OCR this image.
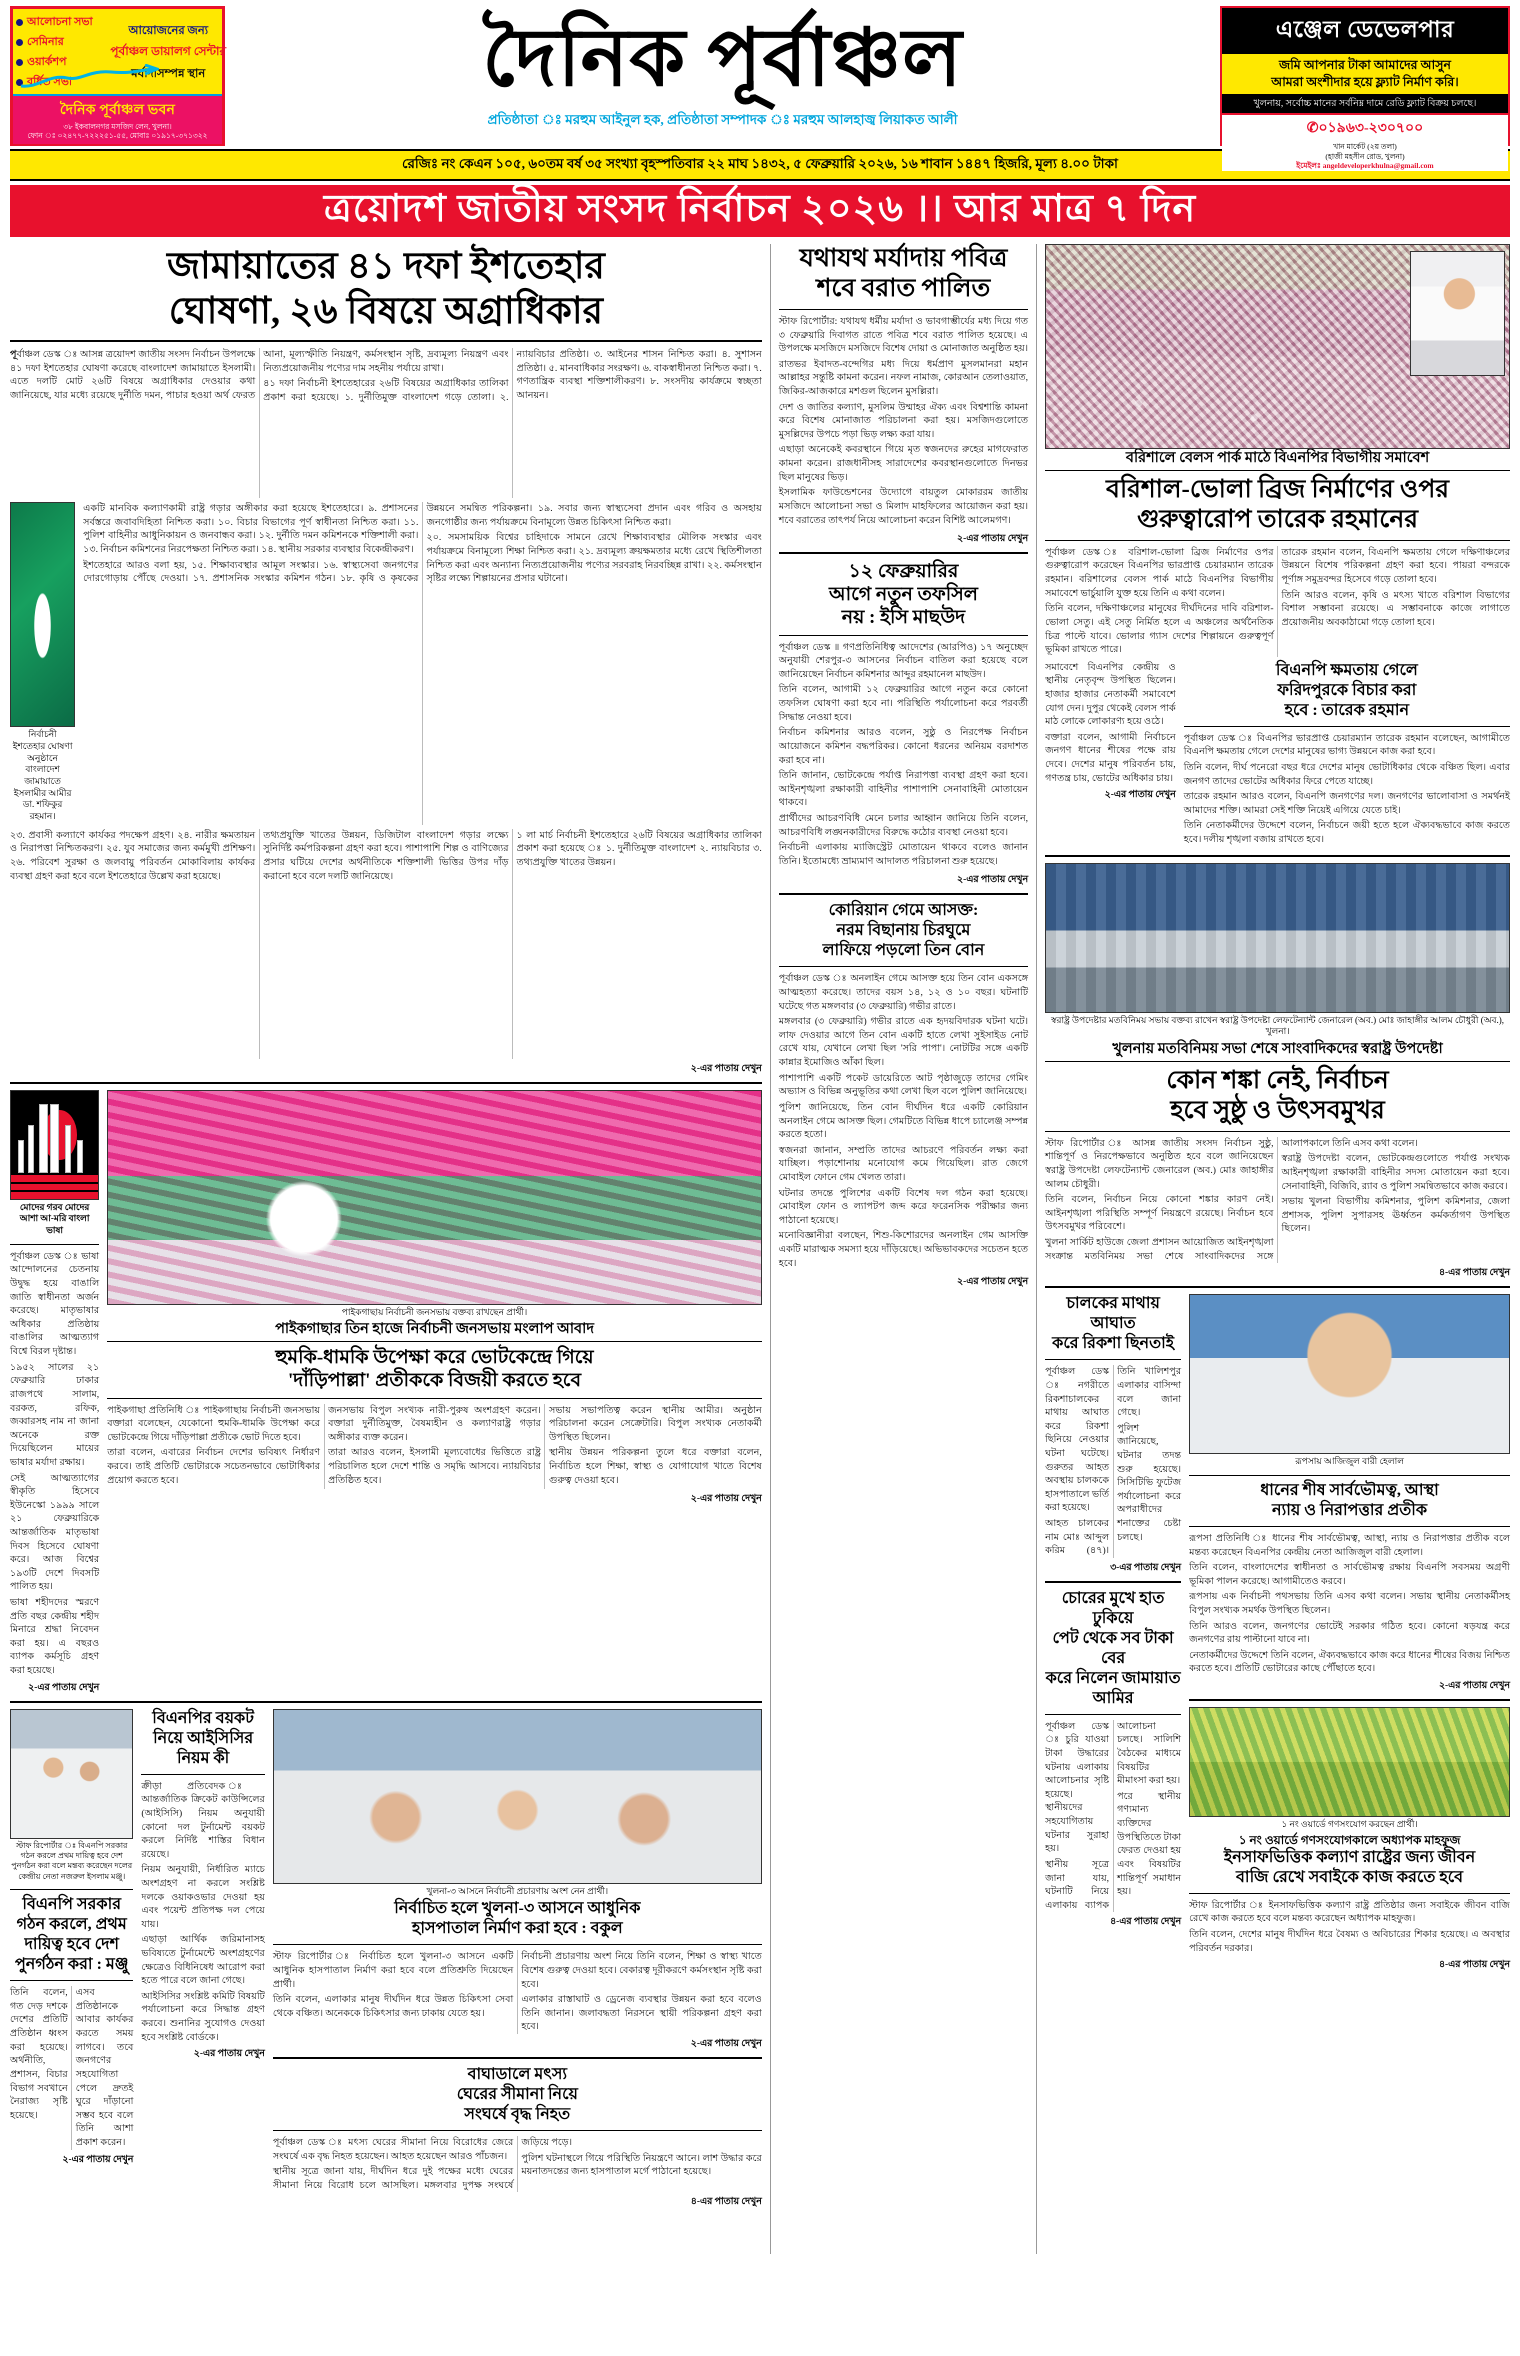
আলোচনা সভা
সেমিনার
ওয়ার্কশপ
বর্ধিত সভা
আয়োজনের জন্য
পূর্বাঞ্চল ডায়ালগ সেন্টার
মর্যাদাসম্পন্ন স্থান
দৈনিক পূর্বাঞ্চল ভবন
৩৮ ইকবালনগর মসজিদ লেন, খুলনা।
ফোন ঃ ০২৪৭৭-৭২২২৫১-৫৫, মোবাঃ ০১৯১৭-৩৭১৩২২
দৈনিক পূর্বাঞ্চল
প্রতিষ্ঠাতা ঃ মরহুম আইনুল হক, প্রতিষ্ঠাতা সম্পাদক ঃ মরহুম আলহাজ্ব লিয়াকত আলী
এঞ্জেল ডেভেলপার
জমি আপনার টাকা আমাদের আসুন
আমরা অংশীদার হয়ে ফ্ল্যাট নির্মাণ করি।
খুলনায়, সর্বোচ্চ মানের সর্বনিম্ন দামে রেডি ফ্ল্যাট বিক্রয় চলছে।
✆০১৯৬৩-২৩০৭০০
খান মার্কেট (২য় তলা)
(হাজী মহসীন রোড, খুলনা)
ইমেইলঃ angeldeveloperkhulna@gmail.com
রেজিঃ নং কেএন ১০৫, ৬০তম বর্ষ ৩৫ সংখ্যা বৃহস্পতিবার ২২ মাঘ ১৪৩২, ৫ ফেব্রুয়ারি ২০২৬, ১৬ শাবান ১৪৪৭ হিজরি, মূল্য ৪.০০ টাকা
ত্রয়োদশ জাতীয় সংসদ নির্বাচন ২০২৬ ।। আর মাত্র ৭ দিন
জামায়াতের ৪১ দফা ইশতেহার
ঘোষণা, ২৬ বিষয়ে অগ্রাধিকার

পূর্বাঞ্চল ডেস্ক ঃ আসন্ন ত্রয়োদশ জাতীয় সংসদ নির্বাচন উপলক্ষে ৪১ দফা ইশতেহার ঘোষণা করেছে বাংলাদেশ জামায়াতে ইসলামী। এতে দলটি মোট ২৬টি বিষয়ে অগ্রাধিকার দেওয়ার কথা জানিয়েছে, যার মধ্যে রয়েছে দুর্নীতি দমন, পাচার হওয়া অর্থ ফেরত আনা, মূল্যস্ফীতি নিয়ন্ত্রণ, কর্মসংস্থান সৃষ্টি, দ্রব্যমূল্য নিয়ন্ত্রণ এবং নিত্যপ্রয়োজনীয় পণ্যের দাম সহনীয় পর্যায়ে রাখা।

৪১ দফা নির্বাচনী ইশতেহারের ২৬টি বিষয়ের অগ্রাধিকার তালিকা প্রকাশ করা হয়েছে। ১. দুর্নীতিমুক্ত বাংলাদেশ গড়ে তোলা। ২. ন্যায়বিচার প্রতিষ্ঠা। ৩. আইনের শাসন নিশ্চিত করা। ৪. সুশাসন প্রতিষ্ঠা। ৫. মানবাধিকার সংরক্ষণ। ৬. বাকস্বাধীনতা নিশ্চিত করা। ৭. গণতান্ত্রিক ব্যবস্থা শক্তিশালীকরণ। ৮. সংসদীয় কার্যক্রমে স্বচ্ছতা আনয়ন।

নির্বাচনী ইশতেহার ঘোষণা অনুষ্ঠানে বাংলাদেশ জামায়াতে ইসলামীর আমীর ডা. শফিকুর রহমান।

একটি মানবিক কল্যাণকামী রাষ্ট্র গড়ার অঙ্গীকার করা হয়েছে ইশতেহারে। ৯. প্রশাসনের সর্বস্তরে জবাবদিহিতা নিশ্চিত করা। ১০. বিচার বিভাগের পূর্ণ স্বাধীনতা নিশ্চিত করা। ১১. পুলিশ বাহিনীর আধুনিকায়ন ও জনবান্ধব করা। ১২. দুর্নীতি দমন কমিশনকে শক্তিশালী করা। ১৩. নির্বাচন কমিশনের নিরপেক্ষতা নিশ্চিত করা। ১৪. স্থানীয় সরকার ব্যবস্থার বিকেন্দ্রীকরণ।

ইশতেহারে আরও বলা হয়, ১৫. শিক্ষাব্যবস্থার আমূল সংস্কার। ১৬. স্বাস্থ্যসেবা জনগণের দোরগোড়ায় পৌঁছে দেওয়া। ১৭. প্রশাসনিক সংস্কার কমিশন গঠন। ১৮. কৃষি ও কৃষকের উন্নয়নে সমন্বিত পরিকল্পনা। ১৯. সবার জন্য স্বাস্থ্যসেবা প্রদান এবং গরিব ও অসহায় জনগোষ্ঠীর জন্য পর্যায়ক্রমে বিনামূল্যে উন্নত চিকিৎসা নিশ্চিত করা।

২০. সমসাময়িক বিশ্বের চাহিদাকে সামনে রেখে শিক্ষাব্যবস্থার মৌলিক সংস্কার এবং পর্যায়ক্রমে বিনামূল্যে শিক্ষা নিশ্চিত করা। ২১. দ্রব্যমূল্য ক্রয়ক্ষমতার মধ্যে রেখে স্থিতিশীলতা নিশ্চিত করা এবং অন্যান্য নিত্যপ্রয়োজনীয় পণ্যের সরবরাহ নিরবচ্ছিন্ন রাখা। ২২. কর্মসংস্থান সৃষ্টির লক্ষ্যে শিল্পায়নের প্রসার ঘটানো।

২৩. প্রবাসী কল্যাণে কার্যকর পদক্ষেপ গ্রহণ। ২৪. নারীর ক্ষমতায়ন ও নিরাপত্তা নিশ্চিতকরণ। ২৫. যুব সমাজের জন্য কর্মমুখী প্রশিক্ষণ। ২৬. পরিবেশ সুরক্ষা ও জলবায়ু পরিবর্তন মোকাবিলায় কার্যকর ব্যবস্থা গ্রহণ করা হবে বলে ইশতেহারে উল্লেখ করা হয়েছে।

তথ্যপ্রযুক্তি খাতের উন্নয়ন, ডিজিটাল বাংলাদেশ গড়ার লক্ষ্যে সুনির্দিষ্ট কর্মপরিকল্পনা গ্রহণ করা হবে। পাশাপাশি শিল্প ও বাণিজ্যের প্রসার ঘটিয়ে দেশের অর্থনীতিকে শক্তিশালী ভিত্তির উপর দাঁড় করানো হবে বলে দলটি জানিয়েছে।

১ লা মার্চ নির্বাচনী ইশতেহারে ২৬টি বিষয়ের অগ্রাধিকার তালিকা প্রকাশ করা হয়েছে ঃ ১. দুর্নীতিমুক্ত বাংলাদেশ ২. ন্যায়বিচার ৩. তথ্যপ্রযুক্তি খাতের উন্নয়ন।

২-এর পাতায় দেখুন
মোদের গরব মোদের আশা আ-মরি বাংলা ভাষা

পূর্বাঞ্চল ডেস্ক ঃ ভাষা আন্দোলনের চেতনায় উদ্বুদ্ধ হয়ে বাঙালি জাতি স্বাধীনতা অর্জন করেছে। মাতৃভাষার অধিকার প্রতিষ্ঠায় বাঙালির আত্মত্যাগ বিশ্বে বিরল দৃষ্টান্ত।

১৯৫২ সালের ২১ ফেব্রুয়ারি ঢাকার রাজপথে সালাম, বরকত, রফিক, জব্বারসহ নাম না জানা অনেকে রক্ত দিয়েছিলেন মায়ের ভাষার মর্যাদা রক্ষায়।

সেই আত্মত্যাগের স্বীকৃতি হিসেবে ইউনেস্কো ১৯৯৯ সালে ২১ ফেব্রুয়ারিকে আন্তর্জাতিক মাতৃভাষা দিবস হিসেবে ঘোষণা করে। আজ বিশ্বের ১৯৩টি দেশে দিবসটি পালিত হয়।

ভাষা শহীদদের স্মরণে প্রতি বছর কেন্দ্রীয় শহীদ মিনারে শ্রদ্ধা নিবেদন করা হয়। এ বছরও ব্যাপক কর্মসূচি গ্রহণ করা হয়েছে।

২-এর পাতায় দেখুন
পাইকগাছায় নির্বাচনী জনসভায় বক্তব্য রাখছেন প্রার্থী।
পাইকগাছার তিন হাজে নির্বাচনী জনসভায় মংলাপ আবাদ
হুমকি-ধামকি উপেক্ষা করে ভোটকেন্দ্রে গিয়ে
'দাঁড়িপাল্লা' প্রতীককে বিজয়ী করতে হবে

পাইকগাছা প্রতিনিধি ঃ পাইকগাছায় নির্বাচনী জনসভায় বক্তারা বলেছেন, যেকোনো হুমকি-ধামকি উপেক্ষা করে ভোটকেন্দ্রে গিয়ে দাঁড়িপাল্লা প্রতীকে ভোট দিতে হবে।

তারা বলেন, এবারের নির্বাচন দেশের ভবিষ্যৎ নির্ধারণ করবে। তাই প্রতিটি ভোটারকে সচেতনভাবে ভোটাধিকার প্রয়োগ করতে হবে।

জনসভায় বিপুল সংখ্যক নারী-পুরুষ অংশগ্রহণ করেন। বক্তারা দুর্নীতিমুক্ত, বৈষম্যহীন ও কল্যাণরাষ্ট্র গড়ার অঙ্গীকার ব্যক্ত করেন।

তারা আরও বলেন, ইসলামী মূল্যবোধের ভিত্তিতে রাষ্ট্র পরিচালিত হলে দেশে শান্তি ও সমৃদ্ধি আসবে। ন্যায়বিচার প্রতিষ্ঠিত হবে।

সভায় সভাপতিত্ব করেন স্থানীয় আমীর। অনুষ্ঠান পরিচালনা করেন সেক্রেটারি। বিপুল সংখ্যক নেতাকর্মী উপস্থিত ছিলেন।

স্থানীয় উন্নয়ন পরিকল্পনা তুলে ধরে বক্তারা বলেন, নির্বাচিত হলে শিক্ষা, স্বাস্থ্য ও যোগাযোগ খাতে বিশেষ গুরুত্ব দেওয়া হবে।

২-এর পাতায় দেখুন
স্টাফ রিপোর্টার ঃ বিএনপি সরকার গঠন করলে প্রথম দায়িত্ব হবে দেশ পুনর্গঠন করা বলে মন্তব্য করেছেন দলের কেন্দ্রীয় নেতা নজরুল ইসলাম মঞ্জু।
বিএনপি সরকার গঠন করলে, প্রথম
দায়িত্ব হবে দেশ পুনর্গঠন করা : মঞ্জু

তিনি বলেন, গত দেড় দশকে দেশের প্রতিটি প্রতিষ্ঠান ধ্বংস করা হয়েছে। অর্থনীতি, প্রশাসন, বিচার বিভাগ সবখানে নৈরাজ্য সৃষ্টি হয়েছে।

এসব প্রতিষ্ঠানকে আবার কার্যকর করতে সময় লাগবে। তবে জনগণের সহযোগিতা পেলে দ্রুতই ঘুরে দাঁড়ানো সম্ভব হবে বলে তিনি আশা প্রকাশ করেন।

২-এর পাতায় দেখুন
বিএনপির বয়কট
নিয়ে আইসিসির
নিয়ম কী

ক্রীড়া প্রতিবেদক ঃ আন্তর্জাতিক ক্রিকেট কাউন্সিলের (আইসিসি) নিয়ম অনুযায়ী কোনো দল টুর্নামেন্ট বয়কট করলে নির্দিষ্ট শাস্তির বিধান রয়েছে।

নিয়ম অনুযায়ী, নির্ধারিত ম্যাচে অংশগ্রহণ না করলে সংশ্লিষ্ট দলকে ওয়াকওভার দেওয়া হয় এবং পয়েন্ট প্রতিপক্ষ দল পেয়ে যায়।

এছাড়া আর্থিক জরিমানাসহ ভবিষ্যতে টুর্নামেন্টে অংশগ্রহণের ক্ষেত্রেও বিধিনিষেধ আরোপ করা হতে পারে বলে জানা গেছে।

আইসিসির সংশ্লিষ্ট কমিটি বিষয়টি পর্যালোচনা করে সিদ্ধান্ত গ্রহণ করবে। শুনানির সুযোগও দেওয়া হবে সংশ্লিষ্ট বোর্ডকে।

২-এর পাতায় দেখুন
খুলনা-৩ আসনে নির্বাচনী প্রচারণায় অংশ নেন প্রার্থী।
নির্বাচিত হলে খুলনা-৩ আসনে আধুনিক
হাসপাতাল নির্মাণ করা হবে : বকুল

স্টাফ রিপোর্টার ঃ নির্বাচিত হলে খুলনা-৩ আসনে একটি আধুনিক হাসপাতাল নির্মাণ করা হবে বলে প্রতিশ্রুতি দিয়েছেন প্রার্থী।

তিনি বলেন, এলাকার মানুষ দীর্ঘদিন ধরে উন্নত চিকিৎসা সেবা থেকে বঞ্চিত। অনেককে চিকিৎসার জন্য ঢাকায় যেতে হয়।

নির্বাচনী প্রচারণায় অংশ নিয়ে তিনি বলেন, শিক্ষা ও স্বাস্থ্য খাতে বিশেষ গুরুত্ব দেওয়া হবে। বেকারত্ব দূরীকরণে কর্মসংস্থান সৃষ্টি করা হবে।

এলাকার রাস্তাঘাট ও ড্রেনেজ ব্যবস্থার উন্নয়ন করা হবে বলেও তিনি জানান। জলাবদ্ধতা নিরসনে স্থায়ী পরিকল্পনা গ্রহণ করা হবে।

২-এর পাতায় দেখুন
বাঘাডালে মৎস্য
ঘেরের সীমানা নিয়ে
সংঘর্ষে বৃদ্ধ নিহত

পূর্বাঞ্চল ডেস্ক ঃ মৎস্য ঘেরের সীমানা নিয়ে বিরোধের জেরে সংঘর্ষে এক বৃদ্ধ নিহত হয়েছেন। আহত হয়েছেন আরও পাঁচজন।

স্থানীয় সূত্রে জানা যায়, দীর্ঘদিন ধরে দুই পক্ষের মধ্যে ঘেরের সীমানা নিয়ে বিরোধ চলে আসছিল। মঙ্গলবার দুপক্ষ সংঘর্ষে জড়িয়ে পড়ে।

পুলিশ ঘটনাস্থলে গিয়ে পরিস্থিতি নিয়ন্ত্রণে আনে। লাশ উদ্ধার করে ময়নাতদন্তের জন্য হাসপাতাল মর্গে পাঠানো হয়েছে।

৪-এর পাতায় দেখুন
যথাযথ মর্যাদায় পবিত্র শবে বরাত পালিত

স্টাফ রিপোর্টার: যথাযথ ধর্মীয় মর্যাদা ও ভাবগাম্ভীর্যের মধ্য দিয়ে গত ৩ ফেব্রুয়ারি দিবাগত রাতে পবিত্র শবে বরাত পালিত হয়েছে। এ উপলক্ষে মসজিদে মসজিদে বিশেষ দোয়া ও মোনাজাত অনুষ্ঠিত হয়।

রাতভর ইবাদত-বন্দেগির মধ্য দিয়ে ধর্মপ্রাণ মুসলমানরা মহান আল্লাহর সন্তুষ্টি কামনা করেন। নফল নামাজ, কোরআন তেলাওয়াত, জিকির-আজকারে মশগুল ছিলেন মুসল্লিরা।

দেশ ও জাতির কল্যাণ, মুসলিম উম্মাহর ঐক্য এবং বিশ্বশান্তি কামনা করে বিশেষ মোনাজাত পরিচালনা করা হয়। মসজিদগুলোতে মুসল্লিদের উপচে পড়া ভিড় লক্ষ্য করা যায়।

এছাড়া অনেকেই কবরস্থানে গিয়ে মৃত স্বজনদের রুহের মাগফেরাত কামনা করেন। রাজধানীসহ সারাদেশের কবরস্থানগুলোতে দিনভর ছিল মানুষের ভিড়।

ইসলামিক ফাউন্ডেশনের উদ্যোগে বায়তুল মোকাররম জাতীয় মসজিদে আলোচনা সভা ও মিলাদ মাহফিলের আয়োজন করা হয়। শবে বরাতের তাৎপর্য নিয়ে আলোচনা করেন বিশিষ্ট আলেমগণ।

২-এর পাতায় দেখুন
১২ ফেব্রুয়ারির
আগে নতুন তফসিল
নয় : ইসি মাছউদ

পূর্বাঞ্চল ডেস্ক ॥ গণপ্রতিনিধিত্ব আদেশের (আরপিও) ১৭ অনুচ্ছেদ অনুযায়ী শেরপুর-৩ আসনের নির্বাচন বাতিল করা হয়েছে বলে জানিয়েছেন নির্বাচন কমিশনার আব্দুর রহমানেল মাছউদ।

তিনি বলেন, আগামী ১২ ফেব্রুয়ারির আগে নতুন করে কোনো তফসিল ঘোষণা করা হবে না। পরিস্থিতি পর্যালোচনা করে পরবর্তী সিদ্ধান্ত নেওয়া হবে।

নির্বাচন কমিশনার আরও বলেন, সুষ্ঠু ও নিরপেক্ষ নির্বাচন আয়োজনে কমিশন বদ্ধপরিকর। কোনো ধরনের অনিয়ম বরদাশত করা হবে না।

তিনি জানান, ভোটকেন্দ্রে পর্যাপ্ত নিরাপত্তা ব্যবস্থা গ্রহণ করা হবে। আইনশৃঙ্খলা রক্ষাকারী বাহিনীর পাশাপাশি সেনাবাহিনী মোতায়েন থাকবে।

প্রার্থীদের আচরণবিধি মেনে চলার আহ্বান জানিয়ে তিনি বলেন, আচরণবিধি লঙ্ঘনকারীদের বিরুদ্ধে কঠোর ব্যবস্থা নেওয়া হবে।

নির্বাচনী এলাকায় ম্যাজিস্ট্রেট মোতায়েন থাকবে বলেও জানান তিনি। ইতোমধ্যে ভ্রাম্যমাণ আদালত পরিচালনা শুরু হয়েছে।

২-এর পাতায় দেখুন
কোরিয়ান গেমে আসক্ত:
নরম বিছানায় চিরঘুমে
লাফিয়ে পড়লো তিন বোন

পূর্বাঞ্চল ডেস্ক ঃ অনলাইন গেমে আসক্ত হয়ে তিন বোন একসঙ্গে আত্মহত্যা করেছে। তাদের বয়স ১৪, ১২ ও ১০ বছর। ঘটনাটি ঘটেছে গত মঙ্গলবার (৩ ফেব্রুয়ারি) গভীর রাতে।

মঙ্গলবার (৩ ফেব্রুয়ারি) গভীর রাতে এক হৃদয়বিদারক ঘটনা ঘটে। লাফ দেওয়ার আগে তিন বোন একটি হাতে লেখা সুইসাইড নোট রেখে যায়, যেখানে লেখা ছিল 'সরি পাপা'। নোটটির সঙ্গে একটি কান্নার ইমোজিও আঁকা ছিল।

পাশাপাশি একটি পকেট ডায়েরিতে আট পৃষ্ঠাজুড়ে তাদের গেমিং অভ্যাস ও বিভিন্ন অনুভূতির কথা লেখা ছিল বলে পুলিশ জানিয়েছে।

পুলিশ জানিয়েছে, তিন বোন দীর্ঘদিন ধরে একটি কোরিয়ান অনলাইন গেমে আসক্ত ছিল। গেমটিতে বিভিন্ন ধাপে চ্যালেঞ্জ সম্পন্ন করতে হতো।

স্বজনরা জানান, সম্প্রতি তাদের আচরণে পরিবর্তন লক্ষ্য করা যাচ্ছিল। পড়াশোনায় মনোযোগ কমে গিয়েছিল। রাত জেগে মোবাইল ফোনে গেম খেলত তারা।

ঘটনার তদন্তে পুলিশের একটি বিশেষ দল গঠন করা হয়েছে। মোবাইল ফোন ও ল্যাপটপ জব্দ করে ফরেনসিক পরীক্ষার জন্য পাঠানো হয়েছে।

মনোবিজ্ঞানীরা বলছেন, শিশু-কিশোরদের অনলাইন গেম আসক্তি একটি মারাত্মক সমস্যা হয়ে দাঁড়িয়েছে। অভিভাবকদের সচেতন হতে হবে।

২-এর পাতায় দেখুন
বরিশালে বেলস পার্ক মাঠে বিএনপির বিভাগীয় সমাবেশ
বরিশাল-ভোলা ব্রিজ নির্মাণের ওপর
গুরুত্বারোপ তারেক রহমানের

পূর্বাঞ্চল ডেস্ক ঃ বরিশাল-ভোলা ব্রিজ নির্মাণের ওপর গুরুত্বারোপ করেছেন বিএনপির ভারপ্রাপ্ত চেয়ারম্যান তারেক রহমান। বরিশালের বেলস পার্ক মাঠে বিএনপির বিভাগীয় সমাবেশে ভার্চুয়ালি যুক্ত হয়ে তিনি এ কথা বলেন।

তিনি বলেন, দক্ষিণাঞ্চলের মানুষের দীর্ঘদিনের দাবি বরিশাল-ভোলা সেতু। এই সেতু নির্মিত হলে এ অঞ্চলের অর্থনৈতিক চিত্র পাল্টে যাবে। ভোলার গ্যাস দেশের শিল্পায়নে গুরুত্বপূর্ণ ভূমিকা রাখতে পারে।

তারেক রহমান বলেন, বিএনপি ক্ষমতায় গেলে দক্ষিণাঞ্চলের উন্নয়নে বিশেষ পরিকল্পনা গ্রহণ করা হবে। পায়রা বন্দরকে পূর্ণাঙ্গ সমুদ্রবন্দর হিসেবে গড়ে তোলা হবে।

তিনি আরও বলেন, কৃষি ও মৎস্য খাতে বরিশাল বিভাগের বিশাল সম্ভাবনা রয়েছে। এ সম্ভাবনাকে কাজে লাগাতে প্রয়োজনীয় অবকাঠামো গড়ে তোলা হবে।

সমাবেশে বিএনপির কেন্দ্রীয় ও স্থানীয় নেতৃবৃন্দ উপস্থিত ছিলেন। হাজার হাজার নেতাকর্মী সমাবেশে যোগ দেন। দুপুর থেকেই বেলস পার্ক মাঠ লোকে লোকারণ্য হয়ে ওঠে।

বক্তারা বলেন, আগামী নির্বাচনে জনগণ ধানের শীষের পক্ষে রায় দেবে। দেশের মানুষ পরিবর্তন চায়, গণতন্ত্র চায়, ভোটের অধিকার চায়।

২-এর পাতায় দেখুন
বিএনপি ক্ষমতায় গেলে
ফরিদপুরকে বিচার করা
হবে : তারেক রহমান

পূর্বাঞ্চল ডেস্ক ঃ বিএনপির ভারপ্রাপ্ত চেয়ারম্যান তারেক রহমান বলেছেন, আগামীতে বিএনপি ক্ষমতায় গেলে দেশের মানুষের ভাগ্য উন্নয়নে কাজ করা হবে।

তিনি বলেন, দীর্ঘ পনেরো বছর ধরে দেশের মানুষ ভোটাধিকার থেকে বঞ্চিত ছিল। এবার জনগণ তাদের ভোটের অধিকার ফিরে পেতে যাচ্ছে।

তারেক রহমান আরও বলেন, বিএনপি জনগণের দল। জনগণের ভালোবাসা ও সমর্থনই আমাদের শক্তি। আমরা সেই শক্তি নিয়েই এগিয়ে যেতে চাই।

তিনি নেতাকর্মীদের উদ্দেশে বলেন, নির্বাচনে জয়ী হতে হলে ঐক্যবদ্ধভাবে কাজ করতে হবে। দলীয় শৃঙ্খলা বজায় রাখতে হবে।

স্বরাষ্ট্র উপদেষ্টার মতবিনিময় সভায় বক্তব্য রাখেন স্বরাষ্ট্র উপদেষ্টা লেফটেন্যান্ট জেনারেল (অব.) মোঃ জাহাঙ্গীর আলম চৌধুরী (অব.), খুলনা।
খুলনায় মতবিনিময় সভা শেষে সাংবাদিকদের স্বরাষ্ট্র উপদেষ্টা
কোন শঙ্কা নেই, নির্বাচন
হবে সুষ্ঠু ও উৎসবমুখর

স্টাফ রিপোর্টার ঃ আসন্ন জাতীয় সংসদ নির্বাচন সুষ্ঠু, শান্তিপূর্ণ ও নিরপেক্ষভাবে অনুষ্ঠিত হবে বলে জানিয়েছেন স্বরাষ্ট্র উপদেষ্টা লেফটেন্যান্ট জেনারেল (অব.) মোঃ জাহাঙ্গীর আলম চৌধুরী।

তিনি বলেন, নির্বাচন নিয়ে কোনো শঙ্কার কারণ নেই। আইনশৃঙ্খলা পরিস্থিতি সম্পূর্ণ নিয়ন্ত্রণে রয়েছে। নির্বাচন হবে উৎসবমুখর পরিবেশে।

খুলনা সার্কিট হাউজে জেলা প্রশাসন আয়োজিত আইনশৃঙ্খলা সংক্রান্ত মতবিনিময় সভা শেষে সাংবাদিকদের সঙ্গে আলাপকালে তিনি এসব কথা বলেন।

স্বরাষ্ট্র উপদেষ্টা বলেন, ভোটকেন্দ্রগুলোতে পর্যাপ্ত সংখ্যক আইনশৃঙ্খলা রক্ষাকারী বাহিনীর সদস্য মোতায়েন করা হবে। সেনাবাহিনী, বিজিবি, র‌্যাব ও পুলিশ সমন্বিতভাবে কাজ করবে।

সভায় খুলনা বিভাগীয় কমিশনার, পুলিশ কমিশনার, জেলা প্রশাসক, পুলিশ সুপারসহ ঊর্ধ্বতন কর্মকর্তাগণ উপস্থিত ছিলেন।

৪-এর পাতায় দেখুন
চালকের মাথায় আঘাত
করে রিকশা ছিনতাই

পূর্বাঞ্চল ডেস্ক ঃ নগরীতে রিকশাচালকের মাথায় আঘাত করে রিকশা ছিনিয়ে নেওয়ার ঘটনা ঘটেছে। গুরুতর আহত অবস্থায় চালককে হাসপাতালে ভর্তি করা হয়েছে।

আহত চালকের নাম মোঃ আব্দুল করিম (৪৭)। তিনি খালিশপুর এলাকার বাসিন্দা বলে জানা গেছে।

পুলিশ জানিয়েছে, ঘটনার তদন্ত শুরু হয়েছে। সিসিটিভি ফুটেজ পর্যালোচনা করে অপরাধীদের শনাক্তের চেষ্টা চলছে।

৩-এর পাতায় দেখুন
চোরের মুখে হাত ঢুকিয়ে
পেট থেকে সব টাকা বের
করে নিলেন জামায়াত আমির

পূর্বাঞ্চল ডেস্ক ঃ চুরি যাওয়া টাকা উদ্ধারের ঘটনায় এলাকায় আলোচনার সৃষ্টি হয়েছে। স্থানীয়দের সহযোগিতায় ঘটনার সুরাহা হয়।

স্থানীয় সূত্রে জানা যায়, ঘটনাটি নিয়ে এলাকায় ব্যাপক আলোচনা চলছে। সালিশি বৈঠকের মাধ্যমে বিষয়টির মীমাংসা করা হয়।

পরে স্থানীয় গণ্যমান্য ব্যক্তিদের উপস্থিতিতে টাকা ফেরত দেওয়া হয় এবং বিষয়টির শান্তিপূর্ণ সমাধান হয়।

৪-এর পাতায় দেখুন
রূপসায় আজিজুল বারী হেলাল
ধানের শীষ সার্বভৌমত্ব, আস্থা
ন্যায় ও নিরাপত্তার প্রতীক

রূপসা প্রতিনিধি ঃ ধানের শীষ সার্বভৌমত্ব, আস্থা, ন্যায় ও নিরাপত্তার প্রতীক বলে মন্তব্য করেছেন বিএনপির কেন্দ্রীয় নেতা আজিজুল বারী হেলাল।

তিনি বলেন, বাংলাদেশের স্বাধীনতা ও সার্বভৌমত্ব রক্ষায় বিএনপি সবসময় অগ্রণী ভূমিকা পালন করেছে। আগামীতেও করবে।

রূপসায় এক নির্বাচনী পথসভায় তিনি এসব কথা বলেন। সভায় স্থানীয় নেতাকর্মীসহ বিপুল সংখ্যক সমর্থক উপস্থিত ছিলেন।

তিনি আরও বলেন, জনগণের ভোটেই সরকার গঠিত হবে। কোনো ষড়যন্ত্র করে জনগণের রায় পাল্টানো যাবে না।

নেতাকর্মীদের উদ্দেশে তিনি বলেন, ঐক্যবদ্ধভাবে কাজ করে ধানের শীষের বিজয় নিশ্চিত করতে হবে। প্রতিটি ভোটারের কাছে পৌঁছাতে হবে।

২-এর পাতায় দেখুন
১ নং ওয়ার্ডে গণসংযোগ করছেন প্রার্থী।
১ নং ওয়ার্ডে গণসংযোগকালে অধ্যাপক মাহফুজ
ইনসাফভিত্তিক কল্যাণ রাষ্ট্রের জন্য জীবন
বাজি রেখে সবাইকে কাজ করতে হবে

স্টাফ রিপোর্টার ঃ ইনসাফভিত্তিক কল্যাণ রাষ্ট্র প্রতিষ্ঠার জন্য সবাইকে জীবন বাজি রেখে কাজ করতে হবে বলে মন্তব্য করেছেন অধ্যাপক মাহফুজ।

তিনি বলেন, দেশের মানুষ দীর্ঘদিন ধরে বৈষম্য ও অবিচারের শিকার হয়েছে। এ অবস্থার পরিবর্তন দরকার।

৪-এর পাতায় দেখুন
